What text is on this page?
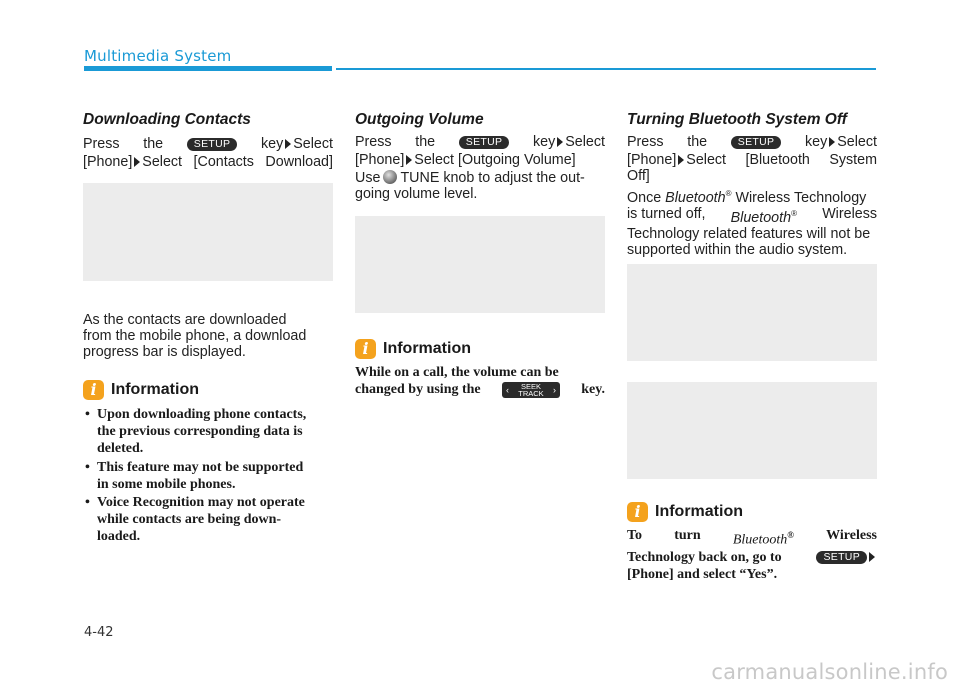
Multimedia System
Downloading Contacts
Press the	SETUP	key Select
[Phone] Select [Contacts Download]
As the contacts are downloaded
from the mobile phone, a download
progress bar is displayed.
i Information
• Upon downloading phone contacts,
the previous corresponding data is
deleted.
• This feature may not be supported
in some mobile phones.
• Voice Recognition may not operate
while contacts are being down-
loaded.
Outgoing Volume
Press the	SETUP	key Select
[Phone] Select [Outgoing Volume]
Use TUNE knob to adjust the out-
going volume level.
i Information
While on a call, the volume can be
changed by using the	‹	SEEK
TRACK	› key.
Turning Bluetooth System Off
Press the	SETUP	key Select
[Phone] Select [Bluetooth System
Off]
Once Bluetooth® Wireless Technology
is turned off, Bluetooth® Wireless
Technology related features will not be
supported within the audio system.
i Information
To turn Bluetooth® Wireless
Technology back on, go to	SETUP
[Phone] and select “Yes”.
4-42
carmanualsonline.info
